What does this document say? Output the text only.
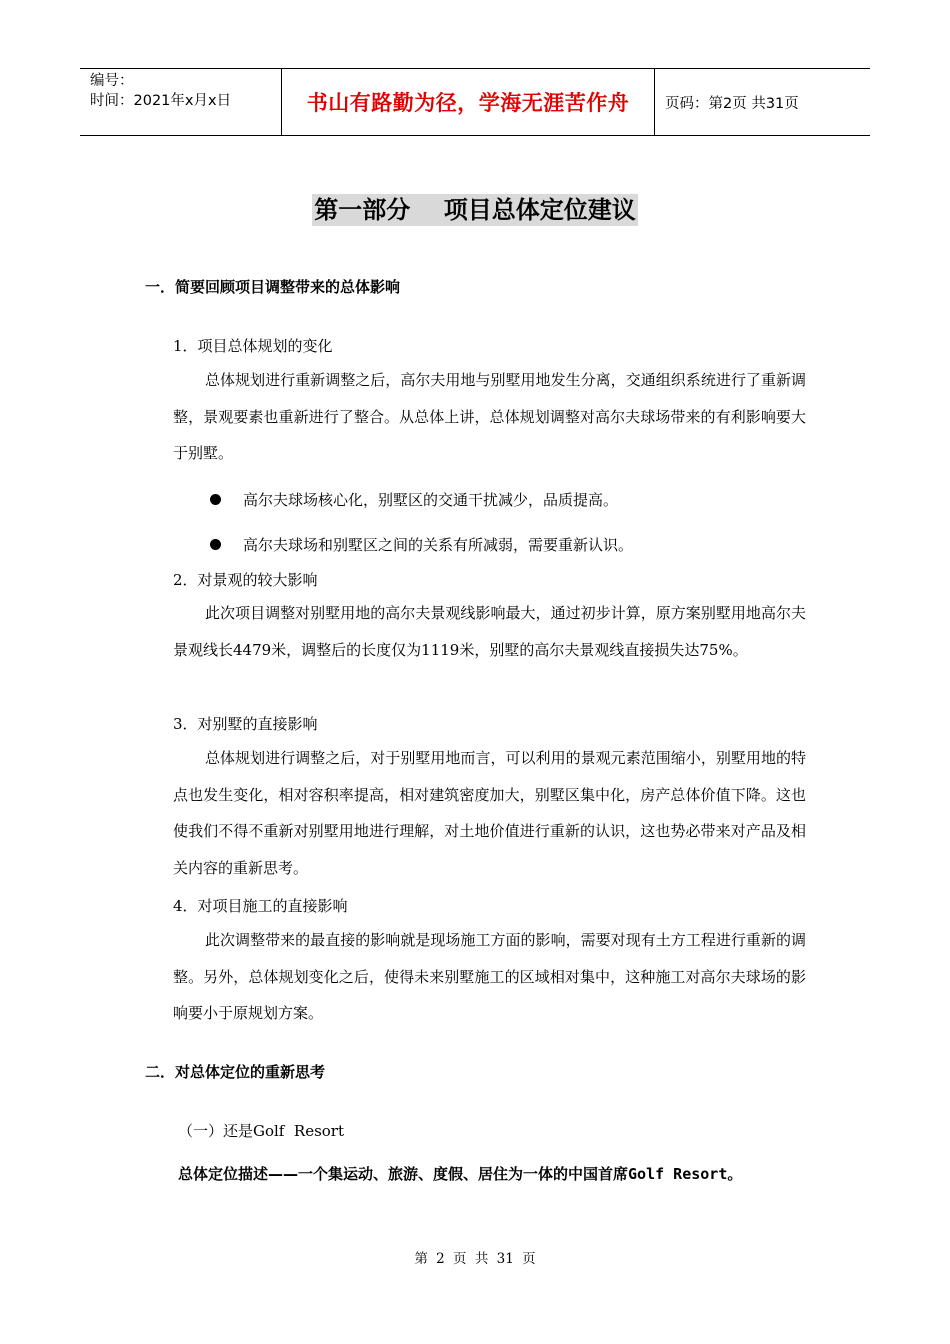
编号：
时间：2021年x月x日	书山有路勤为径，学海无涯苦作舟	页码：第2页 共31页
第一部分    项目总体定位建议
一．简要回顾项目调整带来的总体影响
1．项目总体规划的变化

总体规划进行重新调整之后，高尔夫用地与别墅用地发生分离，交通组织系统进行了重新调整，景观要素也重新进行了整合。从总体上讲，总体规划调整对高尔夫球场带来的有利影响要大于别墅。

高尔夫球场核心化，别墅区的交通干扰减少，品质提高。
高尔夫球场和别墅区之间的关系有所减弱，需要重新认识。
2．对景观的较大影响

此次项目调整对别墅用地的高尔夫景观线影响最大，通过初步计算，原方案别墅用地高尔夫景观线长4479米，调整后的长度仅为1119米，别墅的高尔夫景观线直接损失达75%。

3．对别墅的直接影响

总体规划进行调整之后，对于别墅用地而言，可以利用的景观元素范围缩小，别墅用地的特点也发生变化，相对容积率提高，相对建筑密度加大，别墅区集中化，房产总体价值下降。这也使我们不得不重新对别墅用地进行理解，对土地价值进行重新的认识，这也势必带来对产品及相关内容的重新思考。

4．对项目施工的直接影响

此次调整带来的最直接的影响就是现场施工方面的影响，需要对现有土方工程进行重新的调整。另外，总体规划变化之后，使得未来别墅施工的区域相对集中，这种施工对高尔夫球场的影响要小于原规划方案。

二．对总体定位的重新思考
（一）还是Golf  Resort
总体定位描述——一个集运动、旅游、度假、居住为一体的中国首席Golf Resort。
第 2 页 共 31 页
